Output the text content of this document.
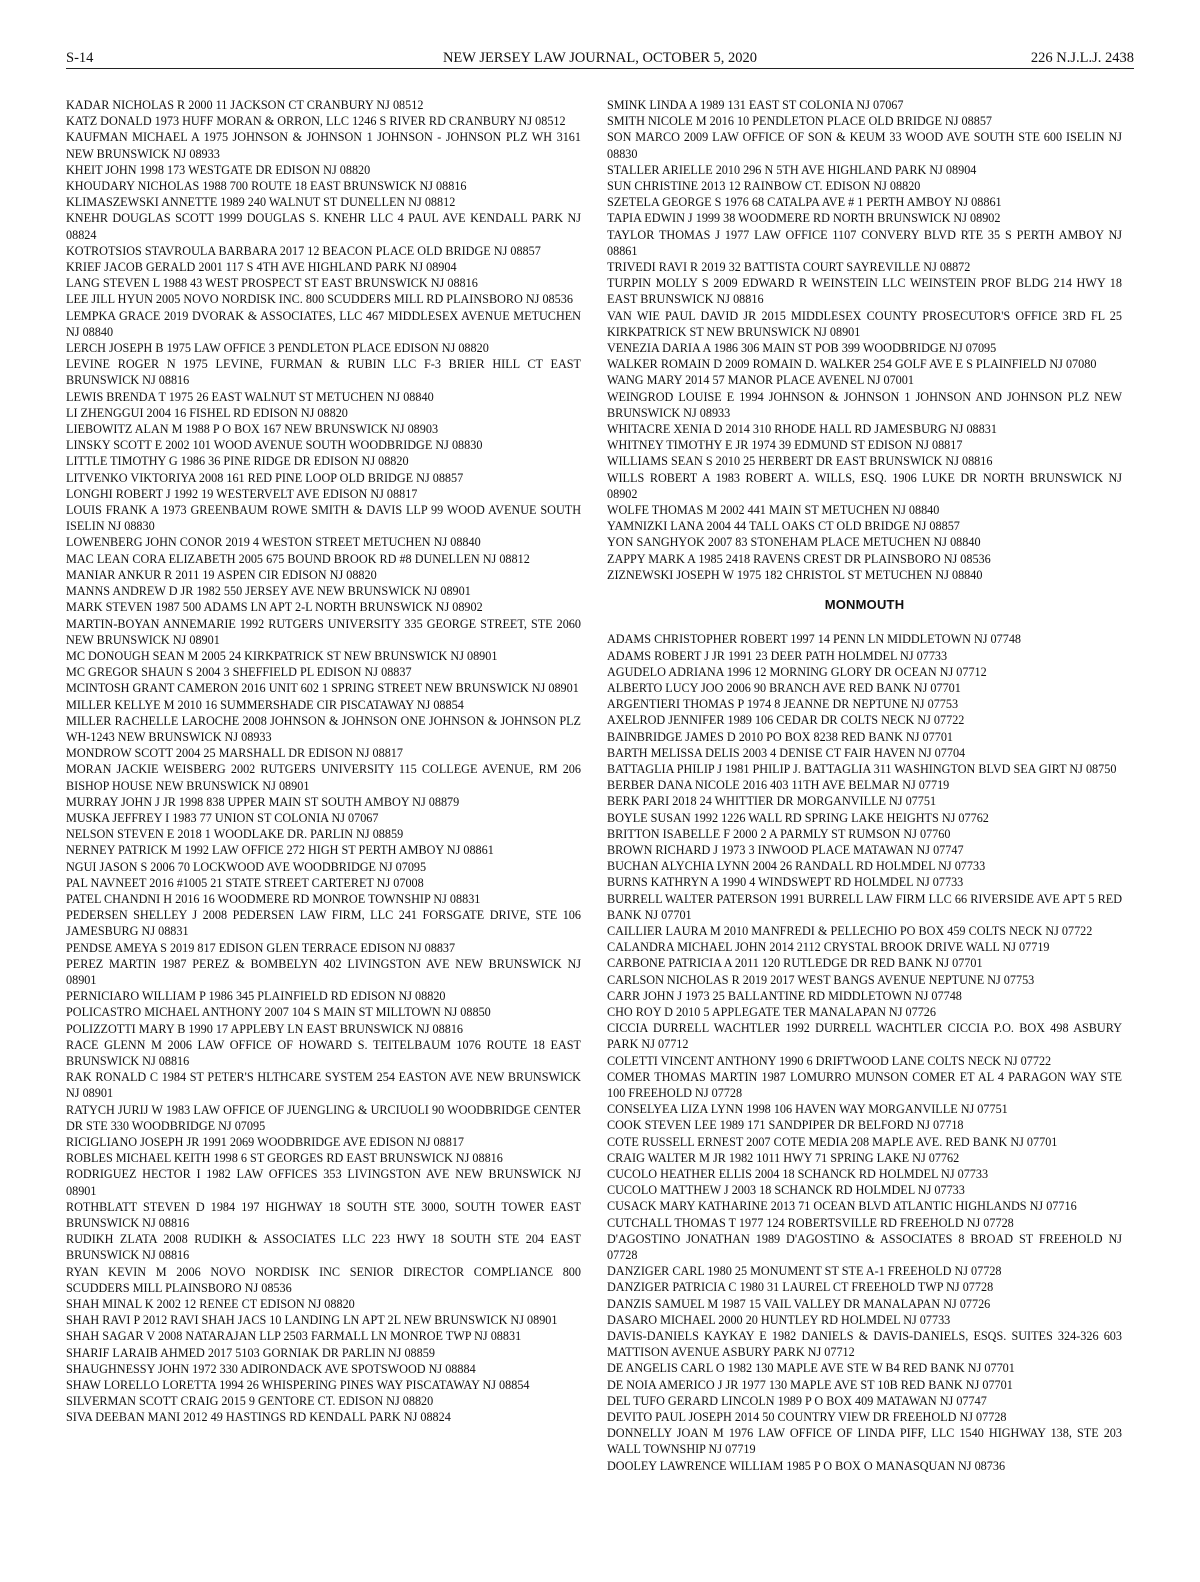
S-14	NEW JERSEY LAW JOURNAL, OCTOBER 5, 2020	226 N.J.L.J. 2438

KADAR NICHOLAS R 2000 11 JACKSON CT CRANBURY NJ 08512

KATZ DONALD 1973 HUFF MORAN & ORRON, LLC 1246 S RIVER RD CRANBURY NJ 08512

KAUFMAN MICHAEL A 1975 JOHNSON & JOHNSON 1 JOHNSON - JOHNSON PLZ WH 3161 NEW BRUNSWICK NJ 08933

KHEIT JOHN 1998 173 WESTGATE DR EDISON NJ 08820

KHOUDARY NICHOLAS 1988 700 ROUTE 18 EAST BRUNSWICK NJ 08816

KLIMASZEWSKI ANNETTE 1989 240 WALNUT ST DUNELLEN NJ 08812

KNEHR DOUGLAS SCOTT 1999 DOUGLAS S. KNEHR LLC 4 PAUL AVE KENDALL PARK NJ 08824

KOTROTSIOS STAVROULA BARBARA 2017 12 BEACON PLACE OLD BRIDGE NJ 08857

KRIEF JACOB GERALD 2001 117 S 4TH AVE HIGHLAND PARK NJ 08904

LANG STEVEN L 1988 43 WEST PROSPECT ST EAST BRUNSWICK NJ 08816

LEE JILL HYUN 2005 NOVO NORDISK INC. 800 SCUDDERS MILL RD PLAINSBORO NJ 08536

LEMPKA GRACE 2019 DVORAK & ASSOCIATES, LLC 467 MIDDLESEX AVENUE METUCHEN NJ 08840

LERCH JOSEPH B 1975 LAW OFFICE 3 PENDLETON PLACE EDISON NJ 08820

LEVINE ROGER N 1975 LEVINE, FURMAN & RUBIN LLC F-3 BRIER HILL CT EAST BRUNSWICK NJ 08816

LEWIS BRENDA T 1975 26 EAST WALNUT ST METUCHEN NJ 08840

LI ZHENGGUI 2004 16 FISHEL RD EDISON NJ 08820

LIEBOWITZ ALAN M 1988 P O BOX 167 NEW BRUNSWICK NJ 08903

LINSKY SCOTT E 2002 101 WOOD AVENUE SOUTH WOODBRIDGE NJ 08830

LITTLE TIMOTHY G 1986 36 PINE RIDGE DR EDISON NJ 08820

LITVENKO VIKTORIYA 2008 161 RED PINE LOOP OLD BRIDGE NJ 08857

LONGHI ROBERT J 1992 19 WESTERVELT AVE EDISON NJ 08817

LOUIS FRANK A 1973 GREENBAUM ROWE SMITH & DAVIS LLP 99 WOOD AVENUE SOUTH ISELIN NJ 08830

LOWENBERG JOHN CONOR 2019 4 WESTON STREET METUCHEN NJ 08840

MAC LEAN CORA ELIZABETH 2005 675 BOUND BROOK RD #8 DUNELLEN NJ 08812

MANIAR ANKUR R 2011 19 ASPEN CIR EDISON NJ 08820

MANNS ANDREW D JR 1982 550 JERSEY AVE NEW BRUNSWICK NJ 08901

MARK STEVEN 1987 500 ADAMS LN APT 2-L NORTH BRUNSWICK NJ 08902

MARTIN-BOYAN ANNEMARIE 1992 RUTGERS UNIVERSITY 335 GEORGE STREET, STE 2060 NEW BRUNSWICK NJ 08901

MC DONOUGH SEAN M 2005 24 KIRKPATRICK ST NEW BRUNSWICK NJ 08901

MC GREGOR SHAUN S 2004 3 SHEFFIELD PL EDISON NJ 08837

MCINTOSH GRANT CAMERON 2016 UNIT 602 1 SPRING STREET NEW BRUNSWICK NJ 08901

MILLER KELLYE M 2010 16 SUMMERSHADE CIR PISCATAWAY NJ 08854

MILLER RACHELLE LAROCHE 2008 JOHNSON & JOHNSON ONE JOHNSON & JOHNSON PLZ WH-1243 NEW BRUNSWICK NJ 08933

MONDROW SCOTT 2004 25 MARSHALL DR EDISON NJ 08817

MORAN JACKIE WEISBERG 2002 RUTGERS UNIVERSITY 115 COLLEGE AVENUE, RM 206 BISHOP HOUSE NEW BRUNSWICK NJ 08901

MURRAY JOHN J JR 1998 838 UPPER MAIN ST SOUTH AMBOY NJ 08879

MUSKA JEFFREY I 1983 77 UNION ST COLONIA NJ 07067

NELSON STEVEN E 2018 1 WOODLAKE DR. PARLIN NJ 08859

NERNEY PATRICK M 1992 LAW OFFICE 272 HIGH ST PERTH AMBOY NJ 08861

NGUI JASON S 2006 70 LOCKWOOD AVE WOODBRIDGE NJ 07095

PAL NAVNEET 2016 #1005 21 STATE STREET CARTERET NJ 07008

PATEL CHANDNI H 2016 16 WOODMERE RD MONROE TOWNSHIP NJ 08831

PEDERSEN SHELLEY J 2008 PEDERSEN LAW FIRM, LLC 241 FORSGATE DRIVE, STE 106 JAMESBURG NJ 08831

PENDSE AMEYA S 2019 817 EDISON GLEN TERRACE EDISON NJ 08837

PEREZ MARTIN 1987 PEREZ & BOMBELYN 402 LIVINGSTON AVE NEW BRUNSWICK NJ 08901

PERNICIARO WILLIAM P 1986 345 PLAINFIELD RD EDISON NJ 08820

POLICASTRO MICHAEL ANTHONY 2007 104 S MAIN ST MILLTOWN NJ 08850

POLIZZOTTI MARY B 1990 17 APPLEBY LN EAST BRUNSWICK NJ 08816

RACE GLENN M 2006 LAW OFFICE OF HOWARD S. TEITELBAUM 1076 ROUTE 18 EAST BRUNSWICK NJ 08816

RAK RONALD C 1984 ST PETER'S HLTHCARE SYSTEM 254 EASTON AVE NEW BRUNSWICK NJ 08901

RATYCH JURIJ W 1983 LAW OFFICE OF JUENGLING & URCIUOLI 90 WOODBRIDGE CENTER DR STE 330 WOODBRIDGE NJ 07095

RICIGLIANO JOSEPH JR 1991 2069 WOODBRIDGE AVE EDISON NJ 08817

ROBLES MICHAEL KEITH 1998 6 ST GEORGES RD EAST BRUNSWICK NJ 08816

RODRIGUEZ HECTOR I 1982 LAW OFFICES 353 LIVINGSTON AVE NEW BRUNSWICK NJ 08901

ROTHBLATT STEVEN D 1984 197 HIGHWAY 18 SOUTH STE 3000, SOUTH TOWER EAST BRUNSWICK NJ 08816

RUDIKH ZLATA 2008 RUDIKH & ASSOCIATES LLC 223 HWY 18 SOUTH STE 204 EAST BRUNSWICK NJ 08816

RYAN KEVIN M 2006 NOVO NORDISK INC SENIOR DIRECTOR COMPLIANCE 800 SCUDDERS MILL PLAINSBORO NJ 08536

SHAH MINAL K 2002 12 RENEE CT EDISON NJ 08820

SHAH RAVI P 2012 RAVI SHAH JACS 10 LANDING LN APT 2L NEW BRUNSWICK NJ 08901

SHAH SAGAR V 2008 NATARAJAN LLP 2503 FARMALL LN MONROE TWP NJ 08831

SHARIF LARAIB AHMED 2017 5103 GORNIAK DR PARLIN NJ 08859

SHAUGHNESSY JOHN 1972 330 ADIRONDACK AVE SPOTSWOOD NJ 08884

SHAW LORELLO LORETTA 1994 26 WHISPERING PINES WAY PISCATAWAY NJ 08854

SILVERMAN SCOTT CRAIG 2015 9 GENTORE CT. EDISON NJ 08820

SIVA DEEBAN MANI 2012 49 HASTINGS RD KENDALL PARK NJ 08824

SMINK LINDA A 1989 131 EAST ST COLONIA NJ 07067

SMITH NICOLE M 2016 10 PENDLETON PLACE OLD BRIDGE NJ 08857

SON MARCO 2009 LAW OFFICE OF SON & KEUM 33 WOOD AVE SOUTH STE 600 ISELIN NJ 08830

STALLER ARIELLE 2010 296 N 5TH AVE HIGHLAND PARK NJ 08904

SUN CHRISTINE 2013 12 RAINBOW CT. EDISON NJ 08820

SZETELA GEORGE S 1976 68 CATALPA AVE # 1 PERTH AMBOY NJ 08861

TAPIA EDWIN J 1999 38 WOODMERE RD NORTH BRUNSWICK NJ 08902

TAYLOR THOMAS J 1977 LAW OFFICE 1107 CONVERY BLVD RTE 35 S PERTH AMBOY NJ 08861

TRIVEDI RAVI R 2019 32 BATTISTA COURT SAYREVILLE NJ 08872

TURPIN MOLLY S 2009 EDWARD R WEINSTEIN LLC WEINSTEIN PROF BLDG 214 HWY 18 EAST BRUNSWICK NJ 08816

VAN WIE PAUL DAVID JR 2015 MIDDLESEX COUNTY PROSECUTOR'S OFFICE 3RD FL 25 KIRKPATRICK ST NEW BRUNSWICK NJ 08901

VENEZIA DARIA A 1986 306 MAIN ST POB 399 WOODBRIDGE NJ 07095

WALKER ROMAIN D 2009 ROMAIN D. WALKER 254 GOLF AVE E S PLAINFIELD NJ 07080

WANG MARY 2014 57 MANOR PLACE AVENEL NJ 07001

WEINGROD LOUISE E 1994 JOHNSON & JOHNSON 1 JOHNSON AND JOHNSON PLZ NEW BRUNSWICK NJ 08933

WHITACRE XENIA D 2014 310 RHODE HALL RD JAMESBURG NJ 08831

WHITNEY TIMOTHY E JR 1974 39 EDMUND ST EDISON NJ 08817

WILLIAMS SEAN S 2010 25 HERBERT DR EAST BRUNSWICK NJ 08816

WILLS ROBERT A 1983 ROBERT A. WILLS, ESQ. 1906 LUKE DR NORTH BRUNSWICK NJ 08902

WOLFE THOMAS M 2002 441 MAIN ST METUCHEN NJ 08840

YAMNIZKI LANA 2004 44 TALL OAKS CT OLD BRIDGE NJ 08857

YON SANGHYOK 2007 83 STONEHAM PLACE METUCHEN NJ 08840

ZAPPY MARK A 1985 2418 RAVENS CREST DR PLAINSBORO NJ 08536

ZIZNEWSKI JOSEPH W 1975 182 CHRISTOL ST METUCHEN NJ 08840

MONMOUTH

ADAMS CHRISTOPHER ROBERT 1997 14 PENN LN MIDDLETOWN NJ 07748

ADAMS ROBERT J JR 1991 23 DEER PATH HOLMDEL NJ 07733

AGUDELO ADRIANA 1996 12 MORNING GLORY DR OCEAN NJ 07712

ALBERTO LUCY JOO 2006 90 BRANCH AVE RED BANK NJ 07701

ARGENTIERI THOMAS P 1974 8 JEANNE DR NEPTUNE NJ 07753

AXELROD JENNIFER 1989 106 CEDAR DR COLTS NECK NJ 07722

BAINBRIDGE JAMES D 2010 PO BOX 8238 RED BANK NJ 07701

BARTH MELISSA DELIS 2003 4 DENISE CT FAIR HAVEN NJ 07704

BATTAGLIA PHILIP J 1981 PHILIP J. BATTAGLIA 311 WASHINGTON BLVD SEA GIRT NJ 08750

BERBER DANA NICOLE 2016 403 11TH AVE BELMAR NJ 07719

BERK PARI 2018 24 WHITTIER DR MORGANVILLE NJ 07751

BOYLE SUSAN 1992 1226 WALL RD SPRING LAKE HEIGHTS NJ 07762

BRITTON ISABELLE F 2000 2 A PARMLY ST RUMSON NJ 07760

BROWN RICHARD J 1973 3 INWOOD PLACE MATAWAN NJ 07747

BUCHAN ALYCHIA LYNN 2004 26 RANDALL RD HOLMDEL NJ 07733

BURNS KATHRYN A 1990 4 WINDSWEPT RD HOLMDEL NJ 07733

BURRELL WALTER PATERSON 1991 BURRELL LAW FIRM LLC 66 RIVERSIDE AVE APT 5 RED BANK NJ 07701

CAILLIER LAURA M 2010 MANFREDI & PELLECHIO PO BOX 459 COLTS NECK NJ 07722

CALANDRA MICHAEL JOHN 2014 2112 CRYSTAL BROOK DRIVE WALL NJ 07719

CARBONE PATRICIA A 2011 120 RUTLEDGE DR RED BANK NJ 07701

CARLSON NICHOLAS R 2019 2017 WEST BANGS AVENUE NEPTUNE NJ 07753

CARR JOHN J 1973 25 BALLANTINE RD MIDDLETOWN NJ 07748

CHO ROY D 2010 5 APPLEGATE TER MANALAPAN NJ 07726

CICCIA DURRELL WACHTLER 1992 DURRELL WACHTLER CICCIA P.O. BOX 498 ASBURY PARK NJ 07712

COLETTI VINCENT ANTHONY 1990 6 DRIFTWOOD LANE COLTS NECK NJ 07722

COMER THOMAS MARTIN 1987 LOMURRO MUNSON COMER ET AL 4 PARAGON WAY STE 100 FREEHOLD NJ 07728

CONSELYEA LIZA LYNN 1998 106 HAVEN WAY MORGANVILLE NJ 07751

COOK STEVEN LEE 1989 171 SANDPIPER DR BELFORD NJ 07718

COTE RUSSELL ERNEST 2007 COTE MEDIA 208 MAPLE AVE. RED BANK NJ 07701

CRAIG WALTER M JR 1982 1011 HWY 71 SPRING LAKE NJ 07762

CUCOLO HEATHER ELLIS 2004 18 SCHANCK RD HOLMDEL NJ 07733

CUCOLO MATTHEW J 2003 18 SCHANCK RD HOLMDEL NJ 07733

CUSACK MARY KATHARINE 2013 71 OCEAN BLVD ATLANTIC HIGHLANDS NJ 07716

CUTCHALL THOMAS T 1977 124 ROBERTSVILLE RD FREEHOLD NJ 07728

D'AGOSTINO JONATHAN 1989 D'AGOSTINO & ASSOCIATES 8 BROAD ST FREEHOLD NJ 07728

DANZIGER CARL 1980 25 MONUMENT ST STE A-1 FREEHOLD NJ 07728

DANZIGER PATRICIA C 1980 31 LAUREL CT FREEHOLD TWP NJ 07728

DANZIS SAMUEL M 1987 15 VAIL VALLEY DR MANALAPAN NJ 07726

DASARO MICHAEL 2000 20 HUNTLEY RD HOLMDEL NJ 07733

DAVIS-DANIELS KAYKAY E 1982 DANIELS & DAVIS-DANIELS, ESQS. SUITES 324-326 603 MATTISON AVENUE ASBURY PARK NJ 07712

DE ANGELIS CARL O 1982 130 MAPLE AVE STE W B4 RED BANK NJ 07701

DE NOIA AMERICO J JR 1977 130 MAPLE AVE ST 10B RED BANK NJ 07701

DEL TUFO GERARD LINCOLN 1989 P O BOX 409 MATAWAN NJ 07747

DEVITO PAUL JOSEPH 2014 50 COUNTRY VIEW DR FREEHOLD NJ 07728

DONNELLY JOAN M 1976 LAW OFFICE OF LINDA PIFF, LLC 1540 HIGHWAY 138, STE 203 WALL TOWNSHIP NJ 07719

DOOLEY LAWRENCE WILLIAM 1985 P O BOX O MANASQUAN NJ 08736
